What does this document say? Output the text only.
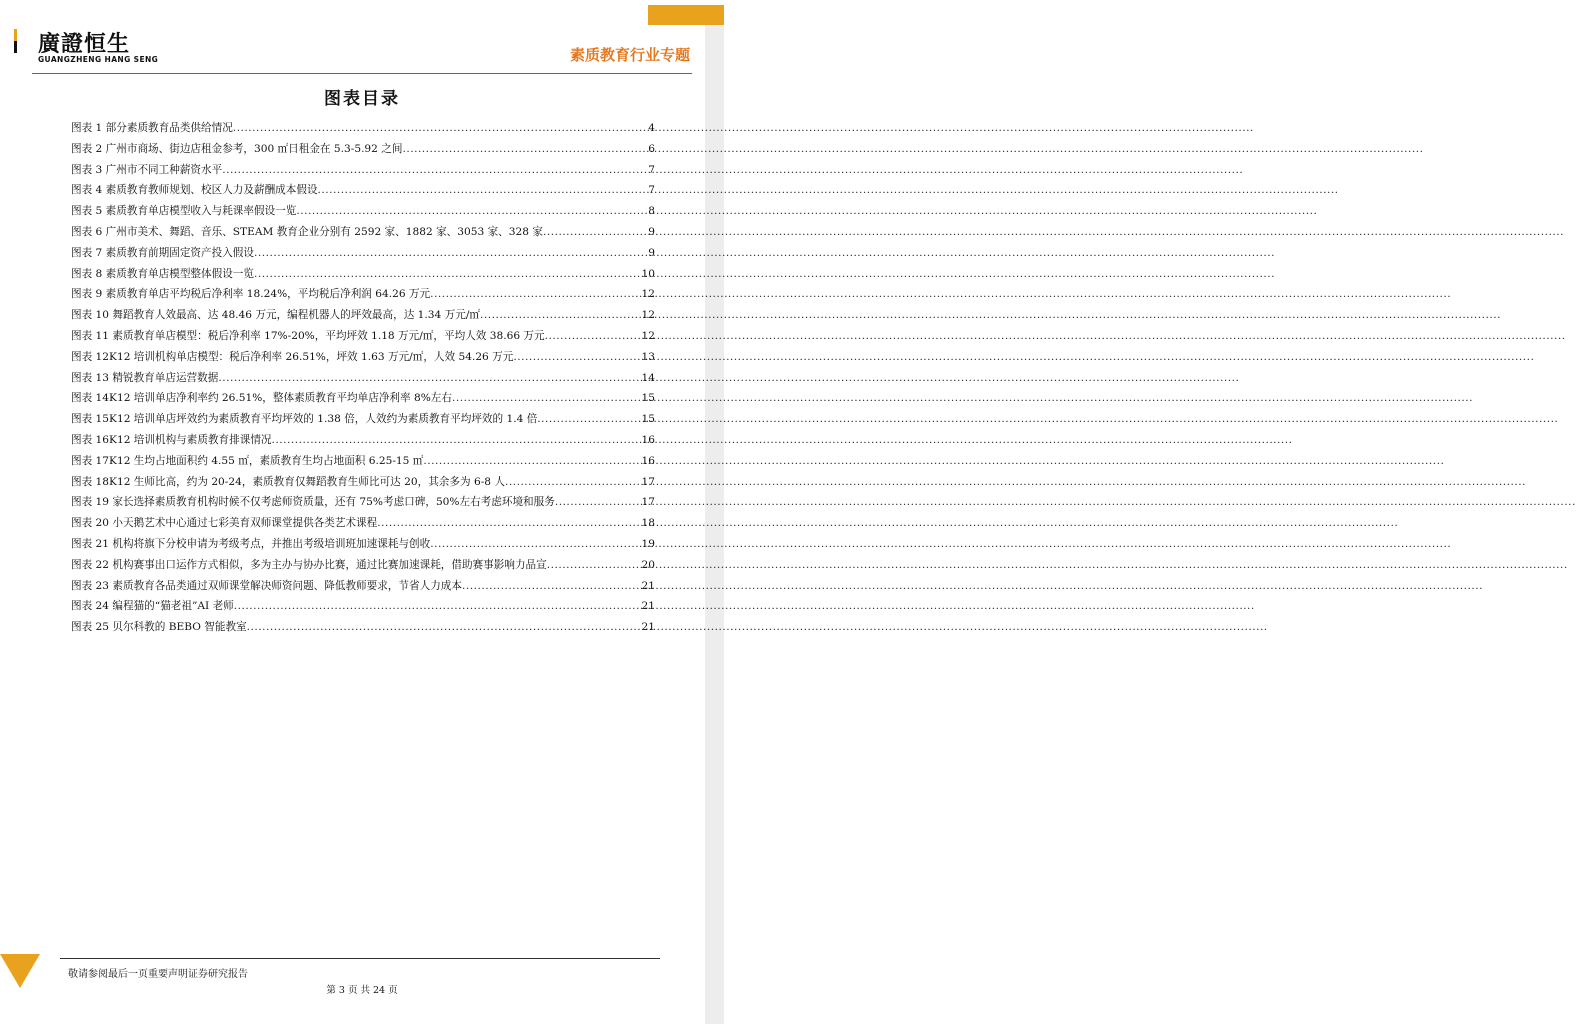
廣證恒生
GUANGZHENG HANG SENG	素质教育行业专题
图表目录
图表 1 部分素质教育品类供给情况 .....	4
图表 2 广州市商场、街边店租金参考，300 ㎡日租金在 5.3-5.92 之间 .....	6
图表 3 广州市不同工种薪资水平 .....	7
图表 4 素质教育教师规划、校区人力及薪酬成本假设 .....	7
图表 5 素质教育单店模型收入与耗课率假设一览 .....	8
图表 6 广州市美术、舞蹈、音乐、STEAM 教育企业分别有 2592 家、1882 家、3053 家、328 家 .....	9
图表 7 素质教育前期固定资产投入假设 .....	9
图表 8 素质教育单店模型整体假设一览 .....	10
图表 9 素质教育单店平均税后净利率 18.24%，平均税后净利润 64.26 万元 .....	12
图表 10 舞蹈教育人效最高、达 48.46 万元，编程机器人的坪效最高，达 1.34 万元/㎡ .....	12
图表 11 素质教育单店模型：税后净利率 17%-20%，平均坪效 1.18 万元/㎡，平均人效 38.66 万元 .....	12
图表 12K12 培训机构单店模型：税后净利率 26.51%，坪效 1.63 万元/㎡，人效 54.26 万元 .....	13
图表 13 精锐教育单店运营数据 .....	14
图表 14K12 培训单店净利率约 26.51%，整体素质教育平均单店净利率 8%左右 .....	15
图表 15K12 培训单店坪效约为素质教育平均坪效的 1.38 倍，人效约为素质教育平均坪效的 1.4 倍 .....	15
图表 16K12 培训机构与素质教育排课情况 .....	16
图表 17K12 生均占地面积约 4.55 ㎡，素质教育生均占地面积 6.25-15 ㎡ .....	16
图表 18K12 生师比高，约为 20-24，素质教育仅舞蹈教育生师比可达 20，其余多为 6-8 人 .....	17
图表 19 家长选择素质教育机构时候不仅考虑师资质量，还有 75%考虑口碑，50%左右考虑环境和服务 .....	17
图表 20 小天鹅艺术中心通过七彩美育双师课堂提供各类艺术课程 .....	18
图表 21 机构将旗下分校申请为考级考点，并推出考级培训班加速课耗与创收 .....	19
图表 22 机构赛事出口运作方式相似，多为主办与协办比赛，通过比赛加速课耗，借助赛事影响力品宣 .....	20
图表 23 素质教育各品类通过双师课堂解决师资问题、降低教师要求，节省人力成本 .....	21
图表 24 编程猫的“猫老祖”AI 老师 .....	21
图表 25 贝尔科教的 BEBO 智能教室 .....	21
敬请参阅最后一页重要声明证券研究报告
第 3 页 共 24 页
